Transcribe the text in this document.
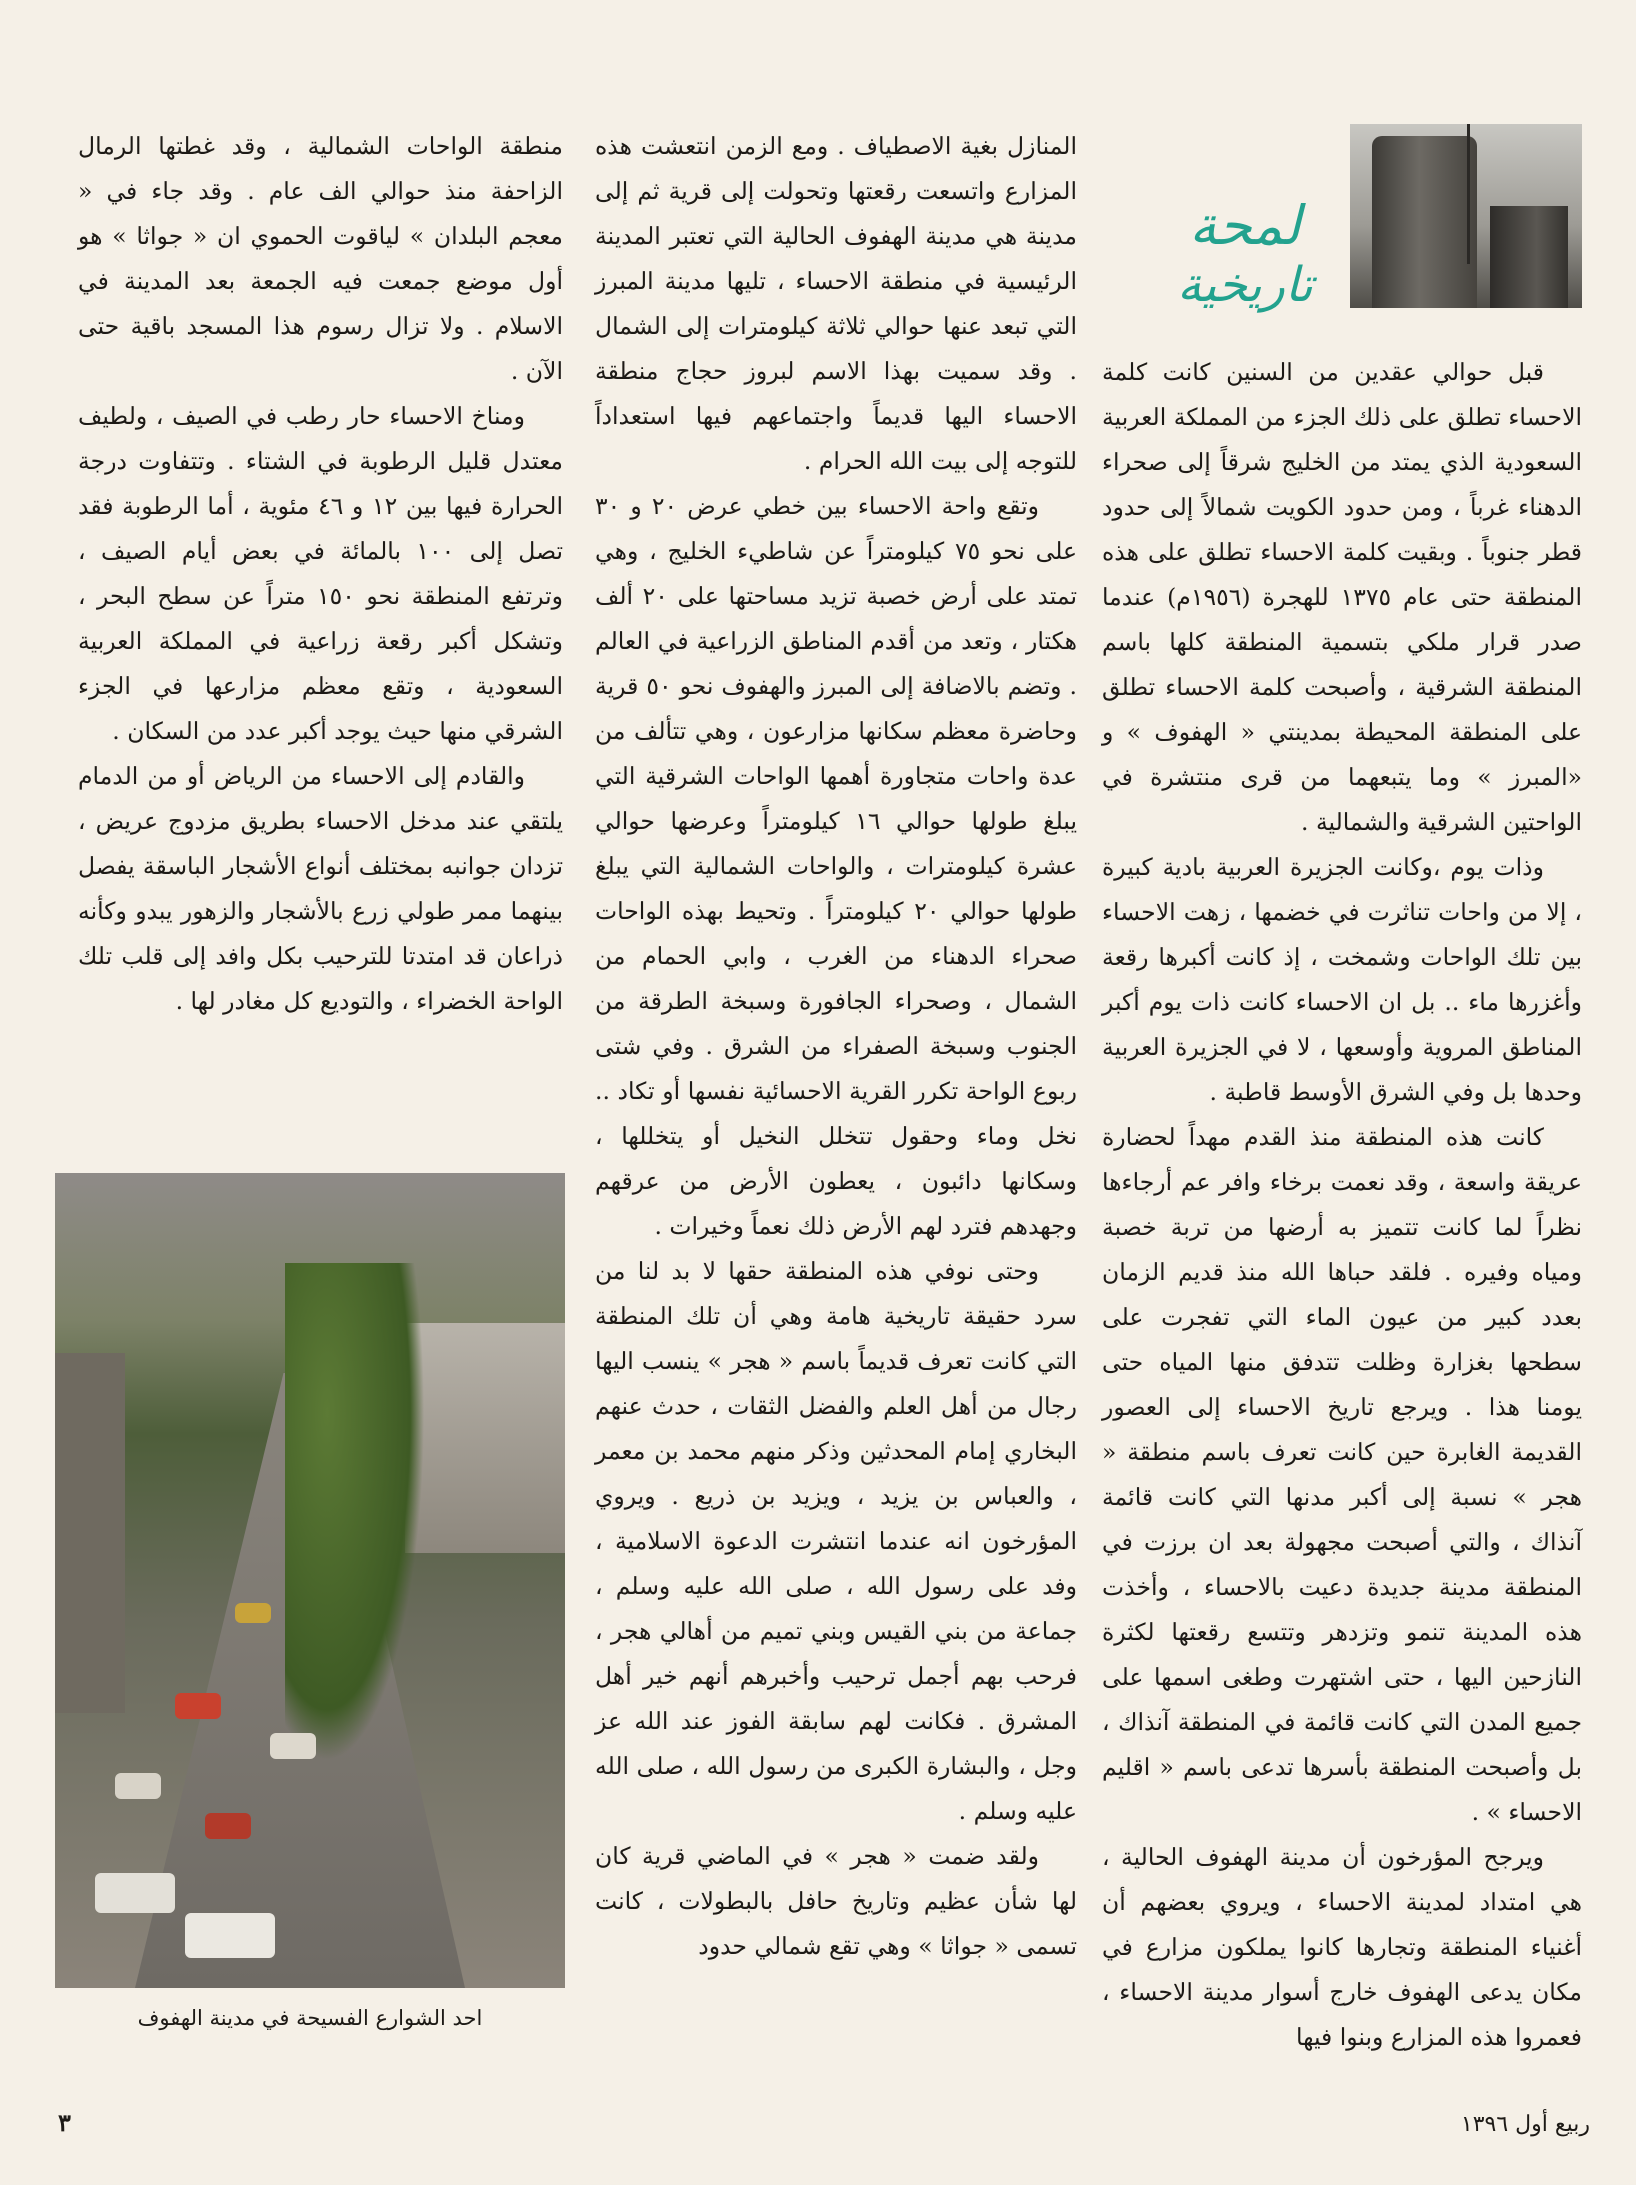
لمحة
تاريخية

قبل حوالي عقدين من السنين كانت كلمة الاحساء تطلق على ذلك الجزء من المملكة العربية السعودية الذي يمتد من الخليج شرقاً إلى صحراء الدهناء غرباً ، ومن حدود الكويت شمالاً إلى حدود قطر جنوباً . وبقيت كلمة الاحساء تطلق على هذه المنطقة حتى عام ١٣٧٥ للهجرة (١٩٥٦م) عندما صدر قرار ملكي بتسمية المنطقة كلها باسم المنطقة الشرقية ، وأصبحت كلمة الاحساء تطلق على المنطقة المحيطة بمدينتي « الهفوف » و «المبرز » وما يتبعهما من قرى منتشرة في الواحتين الشرقية والشمالية .

وذات يوم ،وكانت الجزيرة العربية بادية كبيرة ، إلا من واحات تناثرت في خضمها ، زهت الاحساء بين تلك الواحات وشمخت ، إذ كانت أكبرها رقعة وأغزرها ماء .. بل ان الاحساء كانت ذات يوم أكبر المناطق المروية وأوسعها ، لا في الجزيرة العربية وحدها بل وفي الشرق الأوسط قاطبة .

كانت هذه المنطقة منذ القدم مهداً لحضارة عريقة واسعة ، وقد نعمت برخاء وافر عم أرجاءها نظراً لما كانت تتميز به أرضها من تربة خصبة ومياه وفيره . فلقد حباها الله منذ قديم الزمان بعدد كبير من عيون الماء التي تفجرت على سطحها بغزارة وظلت تتدفق منها المياه حتى يومنا هذا . ويرجع تاريخ الاحساء إلى العصور القديمة الغابرة حين كانت تعرف باسم منطقة « هجر » نسبة إلى أكبر مدنها التي كانت قائمة آنذاك ، والتي أصبحت مجهولة بعد ان برزت في المنطقة مدينة جديدة دعيت بالاحساء ، وأخذت هذه المدينة تنمو وتزدهر وتتسع رقعتها لكثرة النازحين اليها ، حتى اشتهرت وطغى اسمها على جميع المدن التي كانت قائمة في المنطقة آنذاك ، بل وأصبحت المنطقة بأسرها تدعى باسم « اقليم الاحساء » .

ويرجح المؤرخون أن مدينة الهفوف الحالية ، هي امتداد لمدينة الاحساء ، ويروي بعضهم أن أغنياء المنطقة وتجارها كانوا يملكون مزارع في مكان يدعى الهفوف خارج أسوار مدينة الاحساء ، فعمروا هذه المزارع وبنوا فيها

المنازل بغية الاصطياف . ومع الزمن انتعشت هذه المزارع واتسعت رقعتها وتحولت إلى قرية ثم إلى مدينة هي مدينة الهفوف الحالية التي تعتبر المدينة الرئيسية في منطقة الاحساء ، تليها مدينة المبرز التي تبعد عنها حوالي ثلاثة كيلومترات إلى الشمال . وقد سميت بهذا الاسم لبروز حجاج منطقة الاحساء اليها قديماً واجتماعهم فيها استعداداً للتوجه إلى بيت الله الحرام .

وتقع واحة الاحساء بين خطي عرض ٢٠ و ٣٠ على نحو ٧٥ كيلومتراً عن شاطيء الخليج ، وهي تمتد على أرض خصبة تزيد مساحتها على ٢٠ ألف هكتار ، وتعد من أقدم المناطق الزراعية في العالم . وتضم بالاضافة إلى المبرز والهفوف نحو ٥٠ قرية وحاضرة معظم سكانها مزارعون ، وهي تتألف من عدة واحات متجاورة أهمها الواحات الشرقية التي يبلغ طولها حوالي ١٦ كيلومتراً وعرضها حوالي عشرة كيلومترات ، والواحات الشمالية التي يبلغ طولها حوالي ٢٠ كيلومتراً . وتحيط بهذه الواحات صحراء الدهناء من الغرب ، وابي الحمام من الشمال ، وصحراء الجافورة وسبخة الطرقة من الجنوب وسبخة الصفراء من الشرق . وفي شتى ربوع الواحة تكرر القرية الاحسائية نفسها أو تكاد .. نخل وماء وحقول تتخلل النخيل أو يتخللها ، وسكانها دائبون ، يعطون الأرض من عرقهم وجهدهم فترد لهم الأرض ذلك نعماً وخيرات .

وحتى نوفي هذه المنطقة حقها لا بد لنا من سرد حقيقة تاريخية هامة وهي أن تلك المنطقة التي كانت تعرف قديماً باسم « هجر » ينسب اليها رجال من أهل العلم والفضل الثقات ، حدث عنهم البخاري إمام المحدثين وذكر منهم محمد بن معمر ، والعباس بن يزيد ، ويزيد بن ذريع . ويروي المؤرخون انه عندما انتشرت الدعوة الاسلامية ، وفد على رسول الله ، صلى الله عليه وسلم ، جماعة من بني القيس وبني تميم من أهالي هجر ، فرحب بهم أجمل ترحيب وأخبرهم أنهم خير أهل المشرق . فكانت لهم سابقة الفوز عند الله عز وجل ، والبشارة الكبرى من رسول الله ، صلى الله عليه وسلم .

ولقد ضمت « هجر » في الماضي قرية كان لها شأن عظيم وتاريخ حافل بالبطولات ، كانت تسمى « جواثا » وهي تقع شمالي حدود

منطقة الواحات الشمالية ، وقد غطتها الرمال الزاحفة منذ حوالي الف عام . وقد جاء في « معجم البلدان » لياقوت الحموي ان « جواثا » هو أول موضع جمعت فيه الجمعة بعد المدينة في الاسلام . ولا تزال رسوم هذا المسجد باقية حتى الآن .

ومناخ الاحساء حار رطب في الصيف ، ولطيف معتدل قليل الرطوبة في الشتاء . وتتفاوت درجة الحرارة فيها بين ١٢ و ٤٦ مئوية ، أما الرطوبة فقد تصل إلى ١٠٠ بالمائة في بعض أيام الصيف ، وترتفع المنطقة نحو ١٥٠ متراً عن سطح البحر ، وتشكل أكبر رقعة زراعية في المملكة العربية السعودية ، وتقع معظم مزارعها في الجزء الشرقي منها حيث يوجد أكبر عدد من السكان .

والقادم إلى الاحساء من الرياض أو من الدمام يلتقي عند مدخل الاحساء بطريق مزدوج عريض ، تزدان جوانبه بمختلف أنواع الأشجار الباسقة يفصل بينهما ممر طولي زرع بالأشجار والزهور يبدو وكأنه ذراعان قد امتدتا للترحيب بكل وافد إلى قلب تلك الواحة الخضراء ، والتوديع كل مغادر لها .

احد الشوارع الفسيحة في مدينة الهفوف
ربيع أول ١٣٩٦
٣
